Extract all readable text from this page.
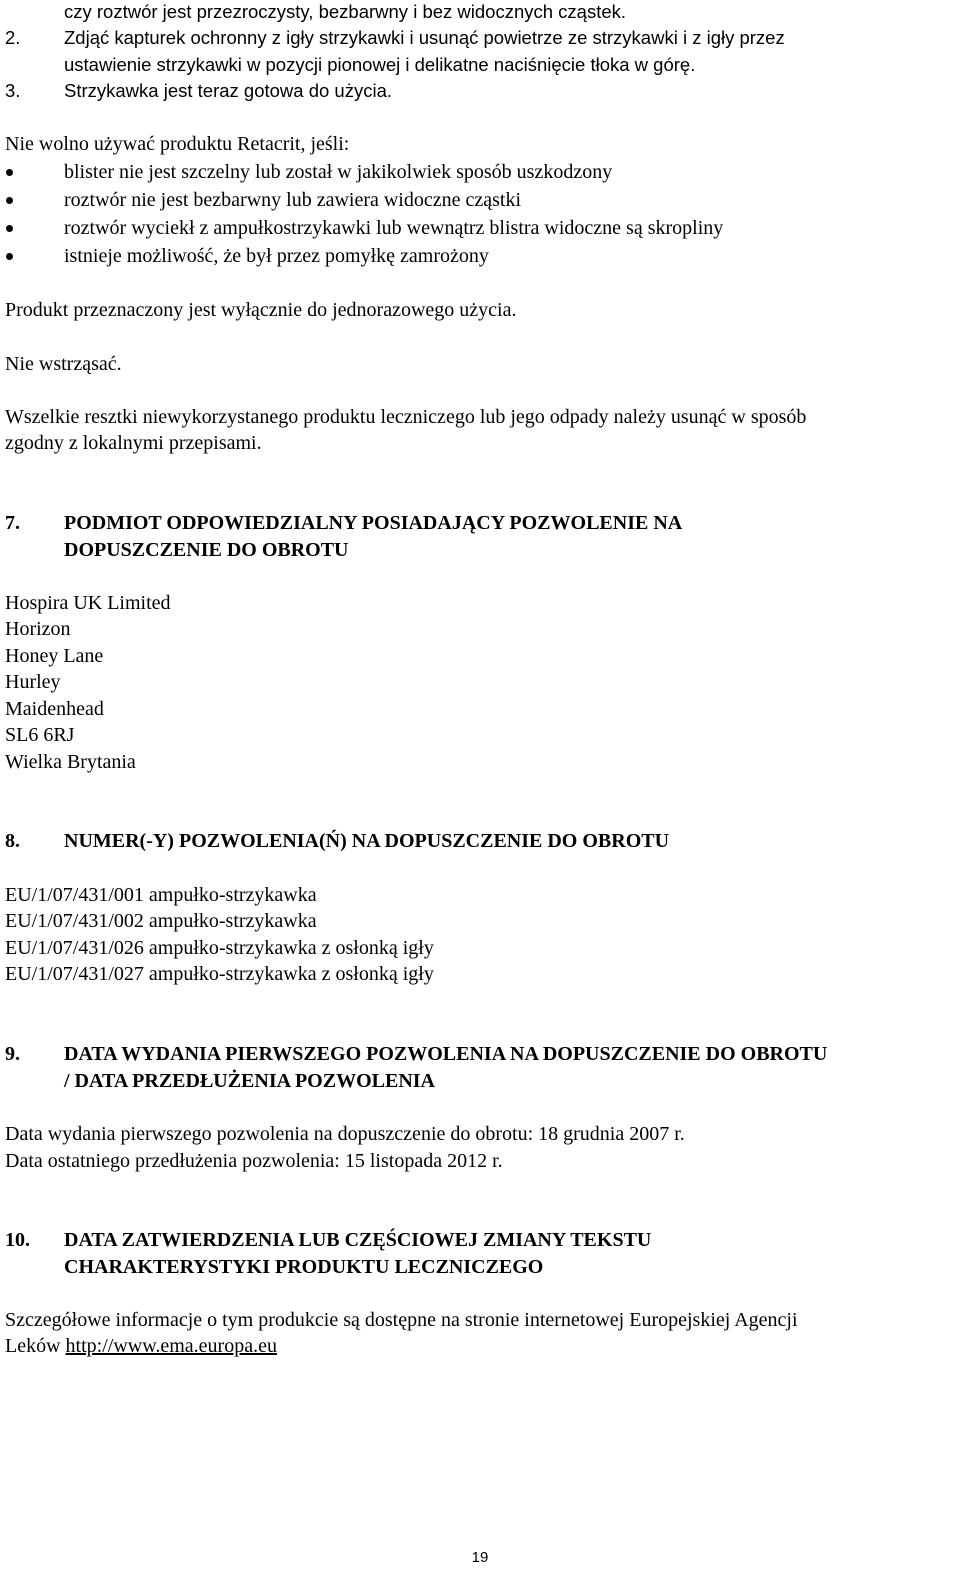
czy roztwór jest przezroczysty, bezbarwny i bez widocznych cząstek.
2. Zdjąć kapturek ochronny z igły strzykawki i usunąć powietrze ze strzykawki i z igły przez
ustawienie strzykawki w pozycji pionowej i delikatne naciśnięcie tłoka w górę.
3. Strzykawka jest teraz gotowa do użycia.
Nie wolno używać produktu Retacrit, jeśli:
blister nie jest szczelny lub został w jakikolwiek sposób uszkodzony
roztwór nie jest bezbarwny lub zawiera widoczne cząstki
roztwór wyciekł z ampułkostrzykawki lub wewnątrz blistra widoczne są skropliny
istnieje możliwość, że był przez pomyłkę zamrożony
Produkt przeznaczony jest wyłącznie do jednorazowego użycia.
Nie wstrząsać.
Wszelkie resztki niewykorzystanego produktu leczniczego lub jego odpady należy usunąć w sposób
zgodny z lokalnymi przepisami.
7. PODMIOT ODPOWIEDZIALNY POSIADAJĄCY POZWOLENIE NA
DOPUSZCZENIE DO OBROTU
Hospira UK Limited
Horizon
Honey Lane
Hurley
Maidenhead
SL6 6RJ
Wielka Brytania
8. NUMER(-Y) POZWOLENIA(Ń) NA DOPUSZCZENIE DO OBROTU
EU/1/07/431/001 ampułko-strzykawka
EU/1/07/431/002 ampułko-strzykawka
EU/1/07/431/026 ampułko-strzykawka z osłonką igły
EU/1/07/431/027 ampułko-strzykawka z osłonką igły
9. DATA WYDANIA PIERWSZEGO POZWOLENIA NA DOPUSZCZENIE DO OBROTU
/ DATA PRZEDŁUŻENIA POZWOLENIA
Data wydania pierwszego pozwolenia na dopuszczenie do obrotu: 18 grudnia 2007 r.
Data ostatniego przedłużenia pozwolenia: 15 listopada 2012 r.
10. DATA ZATWIERDZENIA LUB CZĘŚCIOWEJ ZMIANY TEKSTU
CHARAKTERYSTYKI PRODUKTU LECZNICZEGO
Szczegółowe informacje o tym produkcie są dostępne na stronie internetowej Europejskiej Agencji
Leków http://www.ema.europa.eu
19
